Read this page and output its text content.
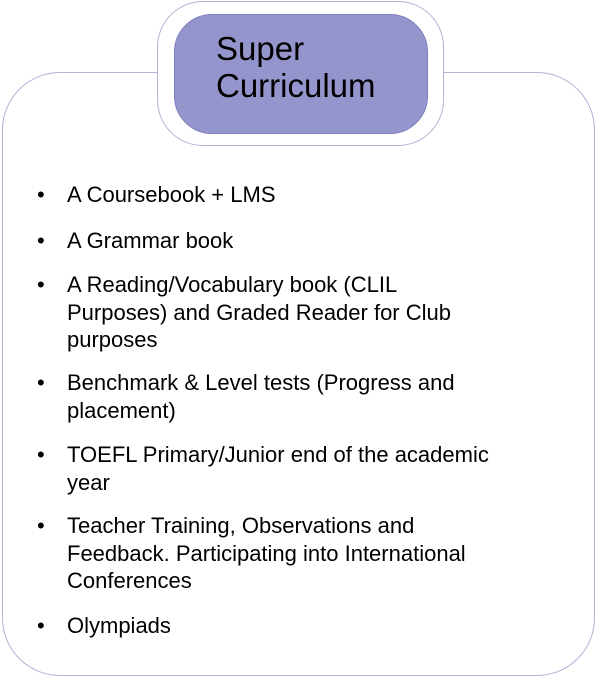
Super
Curriculum
• A Coursebook + LMS
• A Grammar book
• A Reading/Vocabulary book (CLIL
Purposes) and Graded Reader for Club
purposes
• Benchmark & Level tests (Progress and
placement)
• TOEFL Primary/Junior end of the academic
year
• Teacher Training, Observations and
Feedback. Participating into International
Conferences
• Olympiads
